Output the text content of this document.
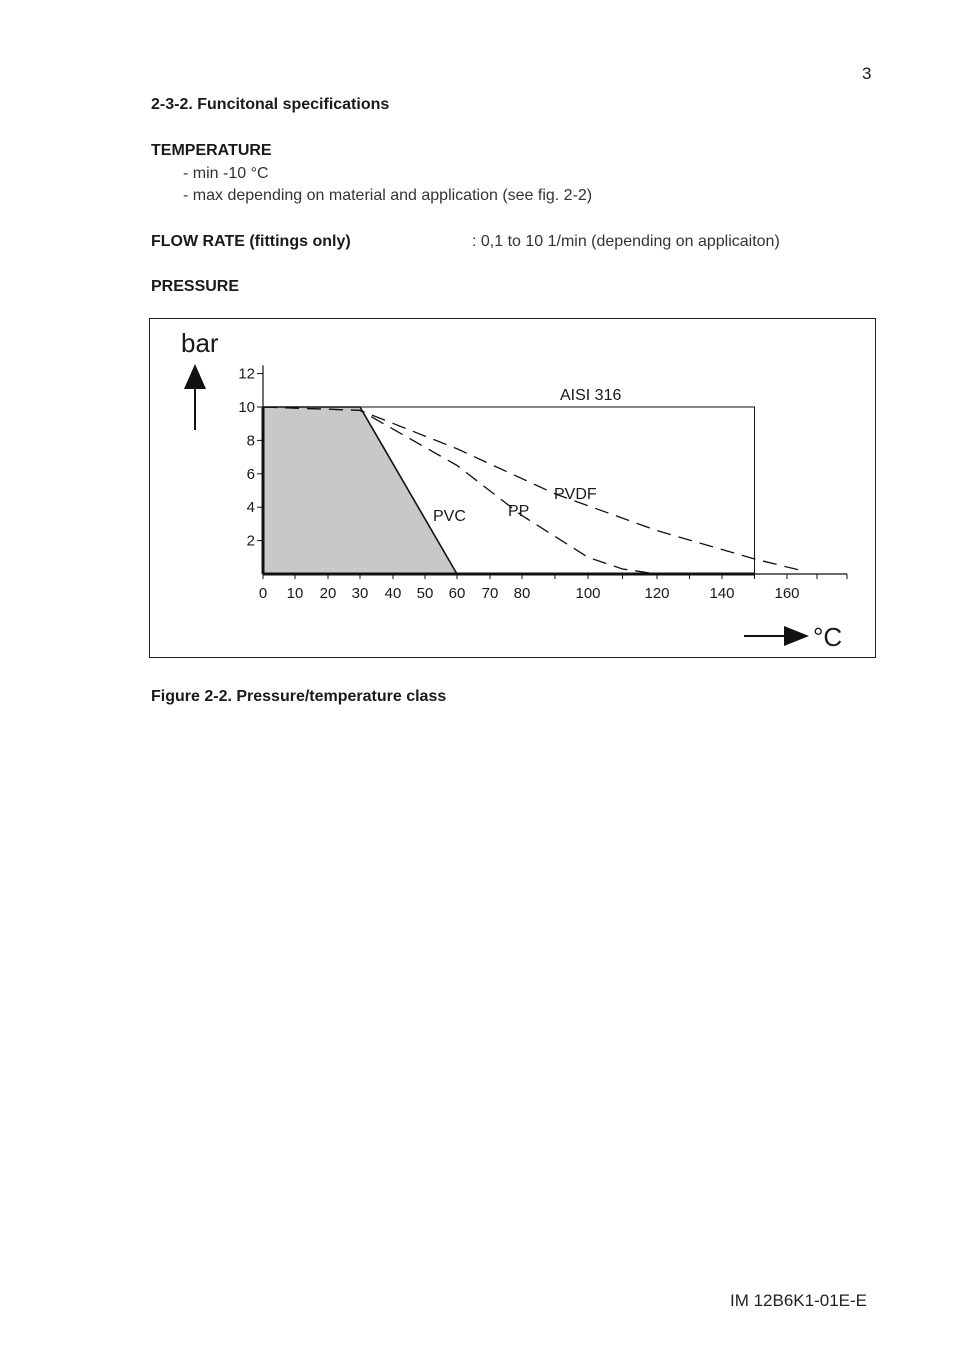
3
2-3-2. Funcitonal specifications
TEMPERATURE
- min -10 °C
- max depending on material and application (see fig. 2-2)
FLOW RATE (fittings only)	: 0,1 to 10 1/min (depending on applicaiton)
PRESSURE
2
4
6
8
10
12
0 10 20 30 40 50 60 70 80	100	120	140	160
AISI 316
PVC	PP
PVDF
bar
°C
Figure 2-2. Pressure/temperature class
IM 12B6K1-01E-E
